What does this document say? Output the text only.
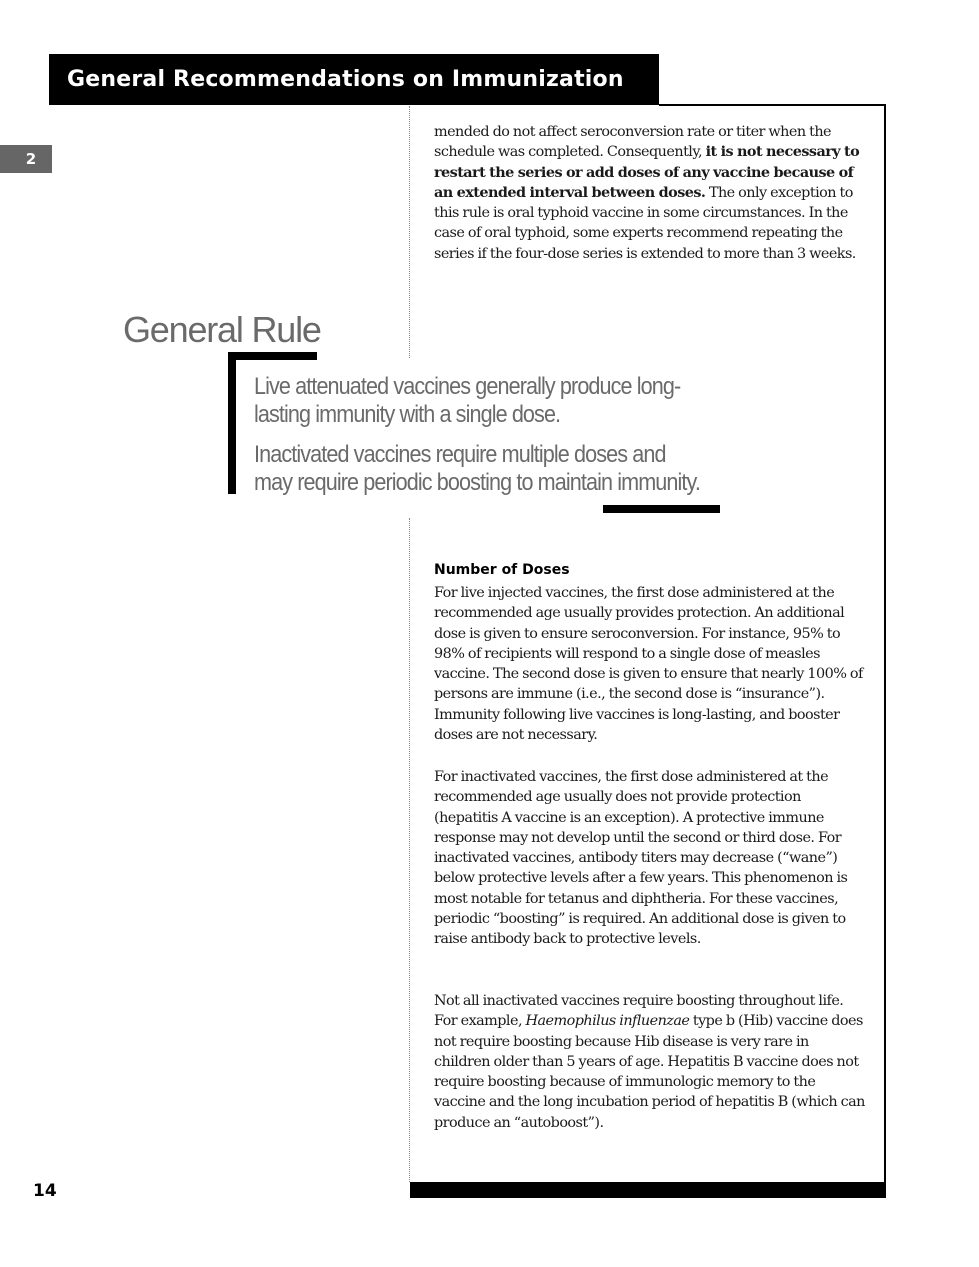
General Recommendations on Immunization
2

mended do not affect seroconversion rate or titer when the schedule was completed. Consequently, it is not necessary to restart the series or add doses of any vaccine because of an extended interval between doses. The only exception to this rule is oral typhoid vaccine in some circumstances. In the case of oral typhoid, some experts recommend repeating the series if the four-dose series is extended to more than 3 weeks.

General Rule

Live attenuated vaccines generally produce long-lasting immunity with a single dose.

Inactivated vaccines require multiple doses and may require periodic boosting to maintain immunity.

Number of Doses

For live injected vaccines, the first dose administered at the recommended age usually provides protection. An additional dose is given to ensure seroconversion. For instance, 95% to 98% of recipients will respond to a single dose of measles vaccine. The second dose is given to ensure that nearly 100% of persons are immune (i.e., the second dose is “insurance”). Immunity following live vaccines is long-lasting, and booster doses are not necessary.

For inactivated vaccines, the first dose administered at the recommended age usually does not provide protection (hepatitis A vaccine is an exception). A protective immune response may not develop until the second or third dose. For inactivated vaccines, antibody titers may decrease (“wane”) below protective levels after a few years. This phenomenon is most notable for tetanus and diphtheria. For these vaccines, periodic “boosting” is required. An additional dose is given to raise antibody back to protective levels.

Not all inactivated vaccines require boosting throughout life. For example, Haemophilus influenzae type b (Hib) vaccine does not require boosting because Hib disease is very rare in children older than 5 years of age. Hepatitis B vaccine does not require boosting because of immunologic memory to the vaccine and the long incubation period of hepatitis B (which can produce an “autoboost”).

14
